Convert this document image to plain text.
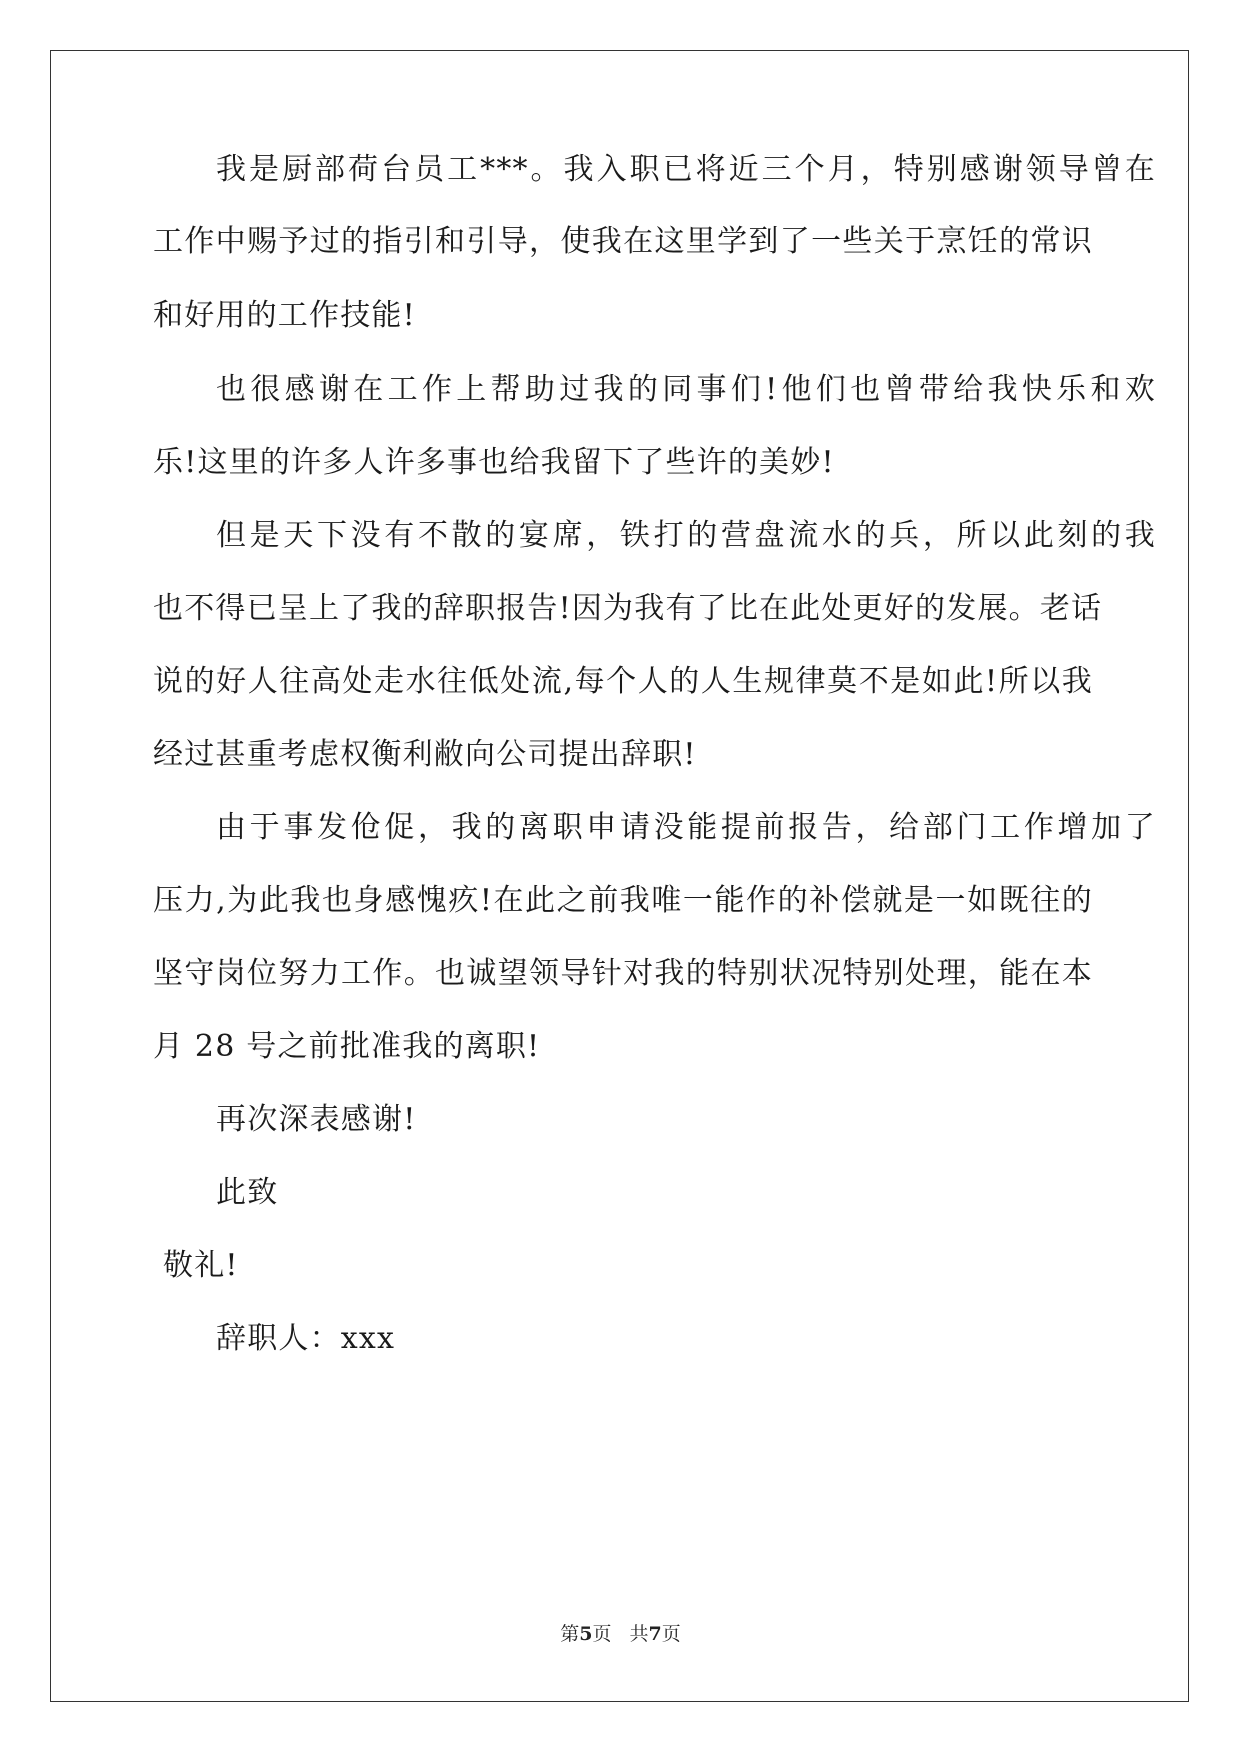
我是厨部荷台员工***。我入职已将近三个月，特别感谢领导曾在
工作中赐予过的指引和引导，使我在这里学到了一些关于烹饪的常识
和好用的工作技能!
也很感谢在工作上帮助过我的同事们!他们也曾带给我快乐和欢
乐!这里的许多人许多事也给我留下了些许的美妙!
但是天下没有不散的宴席，铁打的营盘流水的兵，所以此刻的我
也不得已呈上了我的辞职报告!因为我有了比在此处更好的发展。老话
说的好人往高处走水往低处流,每个人的人生规律莫不是如此!所以我
经过甚重考虑权衡利敝向公司提出辞职!
由于事发伧促，我的离职申请没能提前报告，给部门工作增加了
压力,为此我也身感愧疚!在此之前我唯一能作的补偿就是一如既往的
坚守岗位努力工作。也诚望领导针对我的特别状况特别处理，能在本
月 28 号之前批准我的离职!
再次深表感谢!
此致
敬礼!
辞职人：xxx
第5页 共7页
